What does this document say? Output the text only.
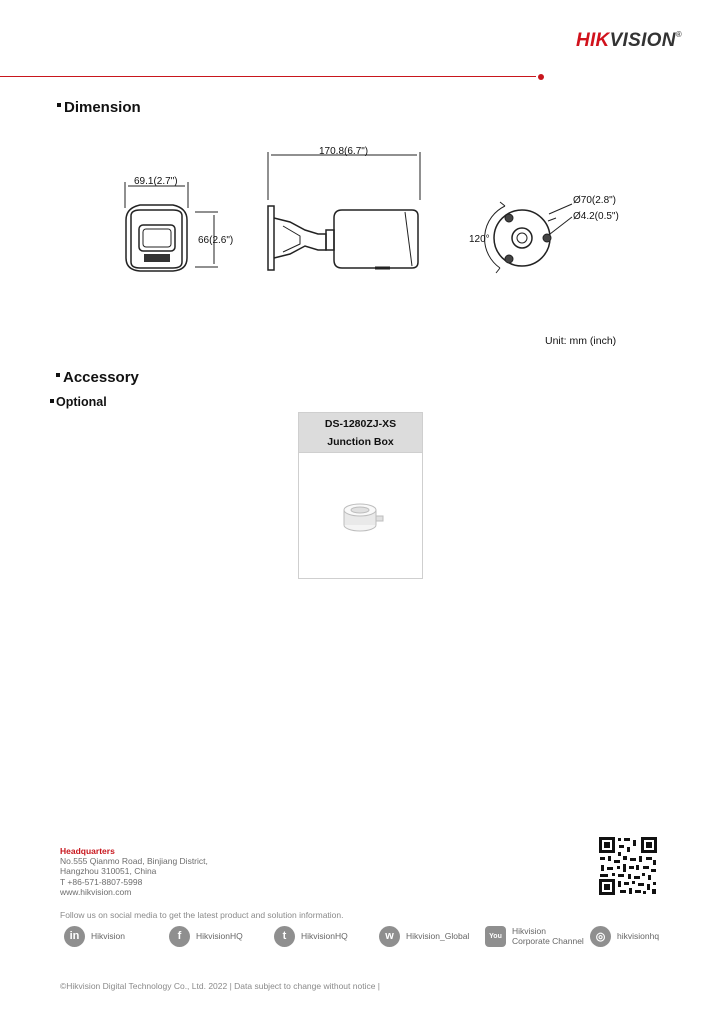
HIKVISION®
Dimension
69.1(2.7")
66(2.6")
170.8(6.7")
120°
Ø70(2.8")
Ø4.2(0.5")
Unit: mm (inch)
Accessory
Optional
DS-1280ZJ-XS
Junction Box
Headquarters
No.555 Qianmo Road, Binjiang District,
Hangzhou 310051, China
T +86-571-8807-5998
www.hikvision.com
Follow us on social media to get the latest product and solution information.
in	Hikvision	f	HikvisionHQ	t	HikvisionHQ	w	Hikvision_Global	You	Hikvision
Corporate Channel	◎	hikvisionhq
©Hikvision Digital Technology Co., Ltd. 2022 | Data subject to change without notice |
